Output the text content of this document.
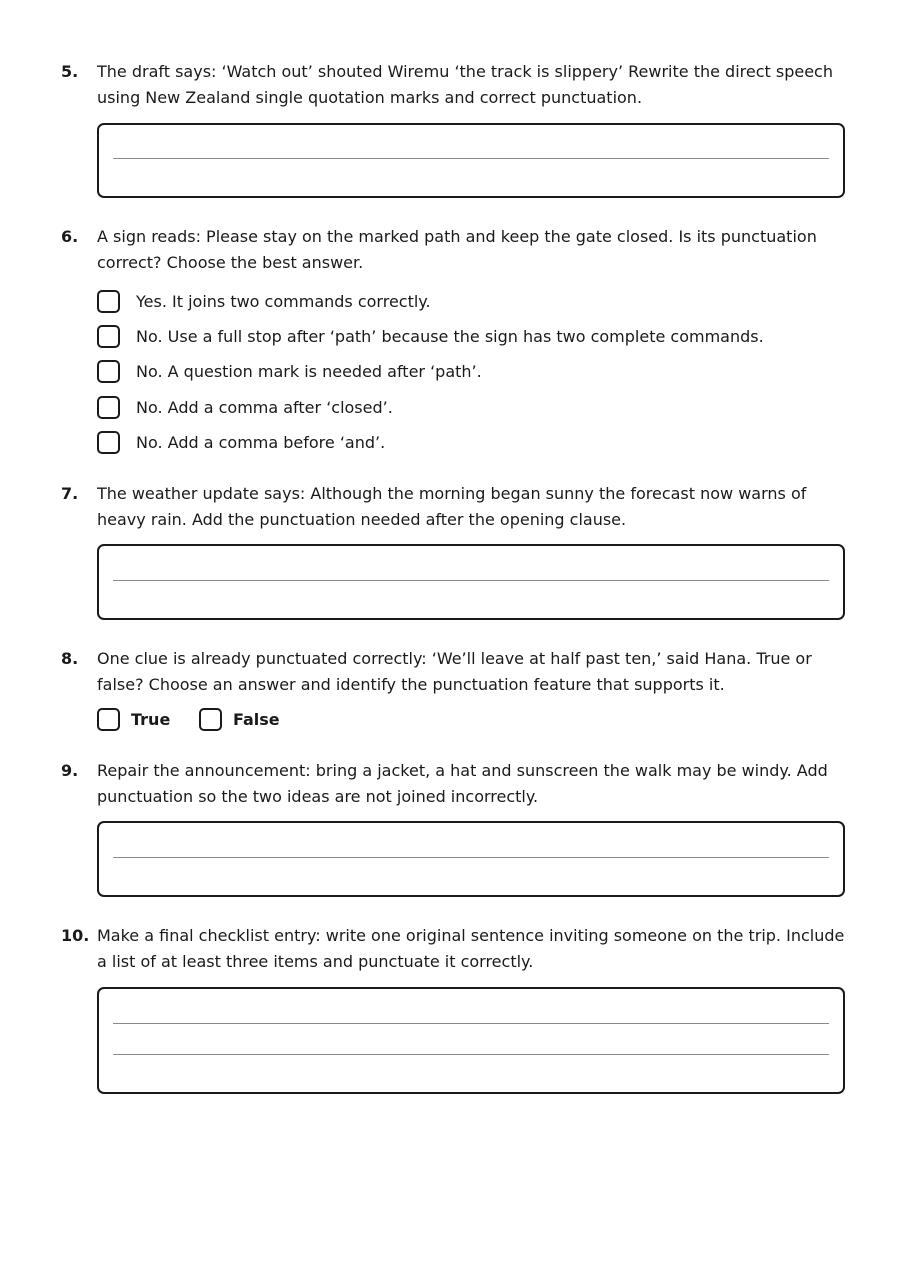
5. The draft says: ‘Watch out’ shouted Wiremu ‘the track is slippery’ Rewrite the direct speech using New Zealand single quotation marks and correct punctuation.
6. A sign reads: Please stay on the marked path and keep the gate closed. Is its punctuation correct? Choose the best answer.
Yes. It joins two commands correctly.
No. Use a full stop after ‘path’ because the sign has two complete commands.
No. A question mark is needed after ‘path’.
No. Add a comma after ‘closed’.
No. Add a comma before ‘and’.
7. The weather update says: Although the morning began sunny the forecast now warns of heavy rain. Add the punctuation needed after the opening clause.
8. One clue is already punctuated correctly: ‘We’ll leave at half past ten,’ said Hana. True or false? Choose an answer and identify the punctuation feature that supports it.
True	False
9. Repair the announcement: bring a jacket, a hat and sunscreen the walk may be windy. Add punctuation so the two ideas are not joined incorrectly.
10. Make a final checklist entry: write one original sentence inviting someone on the trip. Include a list of at least three items and punctuate it correctly.
